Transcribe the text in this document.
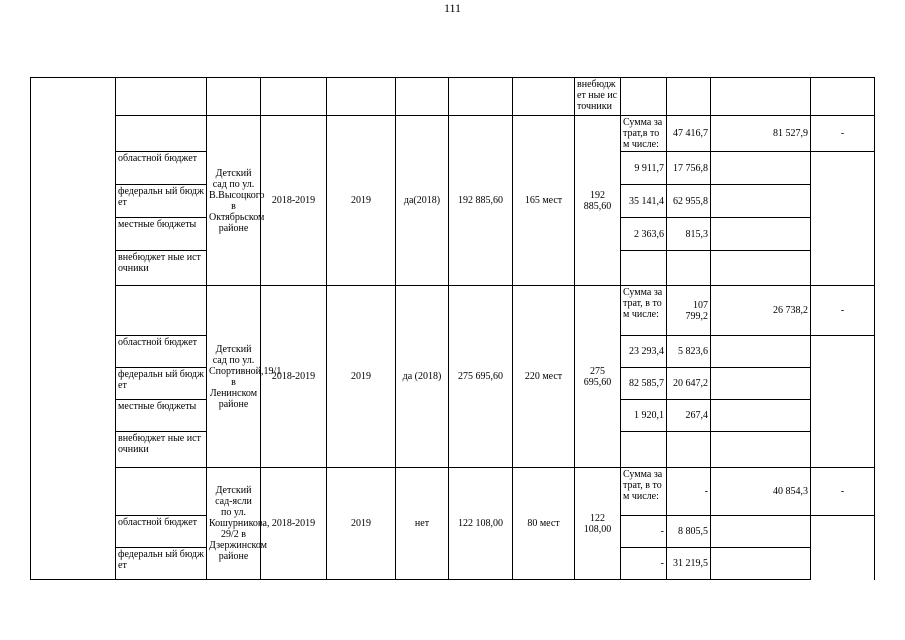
111
								внебюджет ные источники					
		Детский сад по ул. В.Высоцкого в Октябрьском районе	2018-2019	2019	да(2018)	192 885,60	165 мест	192 885,60	Сумма затрат,в том числе:	47 416,7	81 527,9	-	
	областной бюджет								9 911,7	17 756,8			
	федеральн ый бюджет								35 141,4	62 955,8			
	местные бюджеты								2 363,6	815,3			
	внебюджет ные источники												
		Детский сад по ул. Спортивной,19/1 в Ленинском районе	2018-2019	2019	да (2018)	275 695,60	220 мест	275 695,60	Сумма затрат, в том числе:	107 799,2	26 738,2	-	
	областной бюджет								23 293,4	5 823,6			
	федеральн ый бюджет								82 585,7	20 647,2			
	местные бюджеты								1 920,1	267,4			
	внебюджет ные источники												
		Детский сад-ясли по ул. Кошурникова, 29/2 в Дзержинском районе	2018-2019	2019	нет	122 108,00	80 мест	122 108,00	Сумма затрат, в том числе:	-	40 854,3	-	
	областной бюджет								-	8 805,5			
	федеральн ый бюджет								-	31 219,5			
